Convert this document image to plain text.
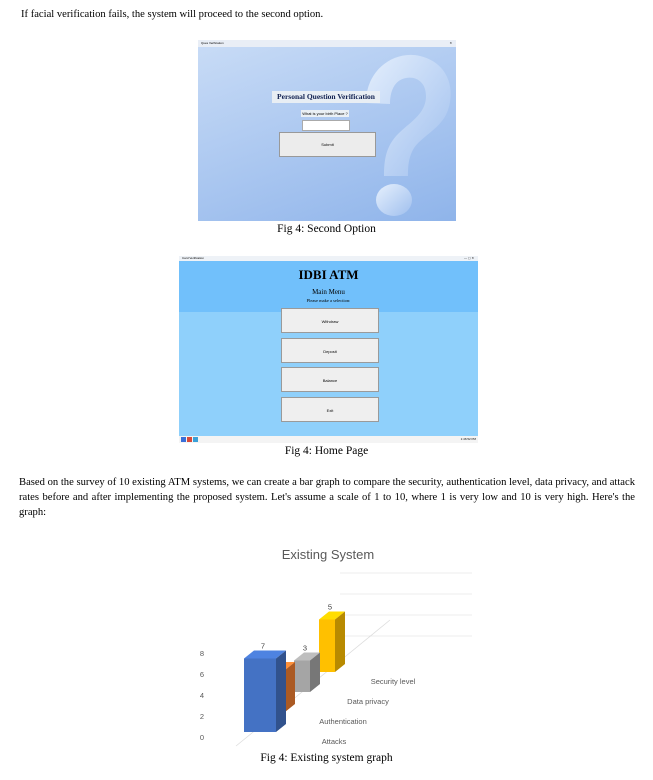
If facial verification fails, the system will proceed to the second option.
Ques Verification	✕
Personal Question Verification
What is your birth Place ?
Submit
Fig 4: Second Option
Card Verification	— ▢ ✕
IDBI ATM
Main Menu
Please make a selection:
Withdraw
Deposit
Balance
Exit
1:46:52 PM
Fig 4: Home Page
Based on the survey of 10 existing ATM systems, we can create a bar graph to compare the security, authentication level, data privacy, and attack rates before and after implementing the proposed system. Let's assume a scale of 1 to 10, where 1 is very low and 10 is very high. Here's the graph:
Existing System
0
2
4
6
8
5
Security level
3
Data privacy
Authentication
7
Attacks
Fig 4: Existing system graph
